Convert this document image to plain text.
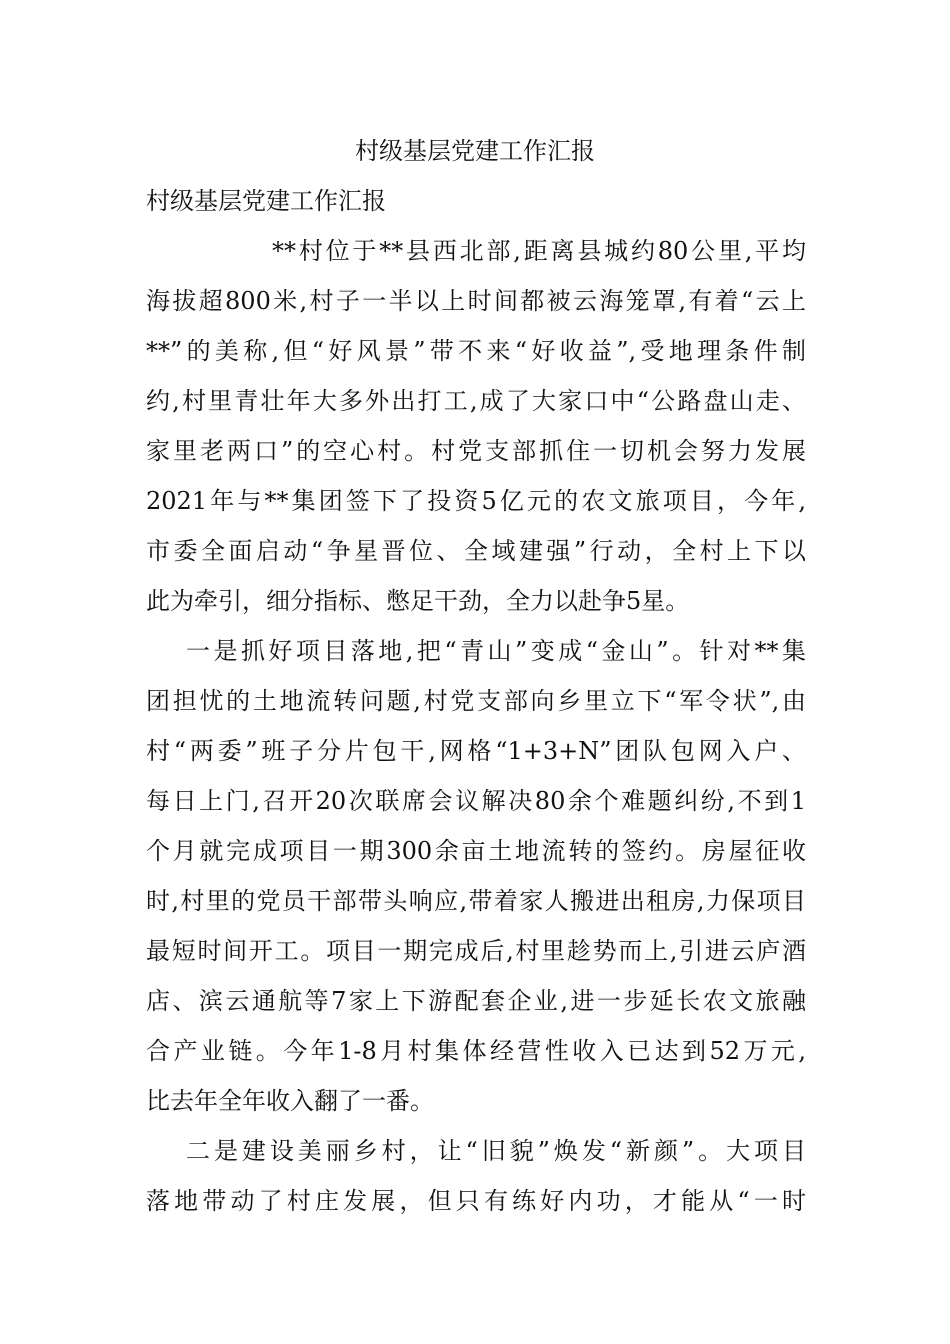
村级基层党建工作汇报
村级基层党建工作汇报
**村位于**县西北部,距离县城约80公里,平均
海拔超800米,村子一半以上时间都被云海笼罩,有着“云上
**”的美称,但“好风景”带不来“好收益”,受地理条件制
约,村里青壮年大多外出打工,成了大家口中“公路盘山走、
家里老两口”的空心村。村党支部抓住一切机会努力发展
2021年与**集团签下了投资5亿元的农文旅项目，今年,
市委全面启动“争星晋位、全域建强”行动，全村上下以
此为牵引，细分指标、憋足干劲，全力以赴争5星。
一是抓好项目落地,把“青山”变成“金山”。针对**集
团担忧的土地流转问题,村党支部向乡里立下“军令状”,由
村“两委”班子分片包干,网格“1+3+N”团队包网入户、
每日上门,召开20次联席会议解决80余个难题纠纷,不到1
个月就完成项目一期300余亩土地流转的签约。房屋征收
时,村里的党员干部带头响应,带着家人搬进出租房,力保项目
最短时间开工。项目一期完成后,村里趁势而上,引进云庐酒
店、滨云通航等7家上下游配套企业,进一步延长农文旅融
合产业链。今年1-8月村集体经营性收入已达到52万元,
比去年全年收入翻了一番。
二是建设美丽乡村，让“旧貌”焕发“新颜”。大项目
落地带动了村庄发展，但只有练好内功，才能从“一时
